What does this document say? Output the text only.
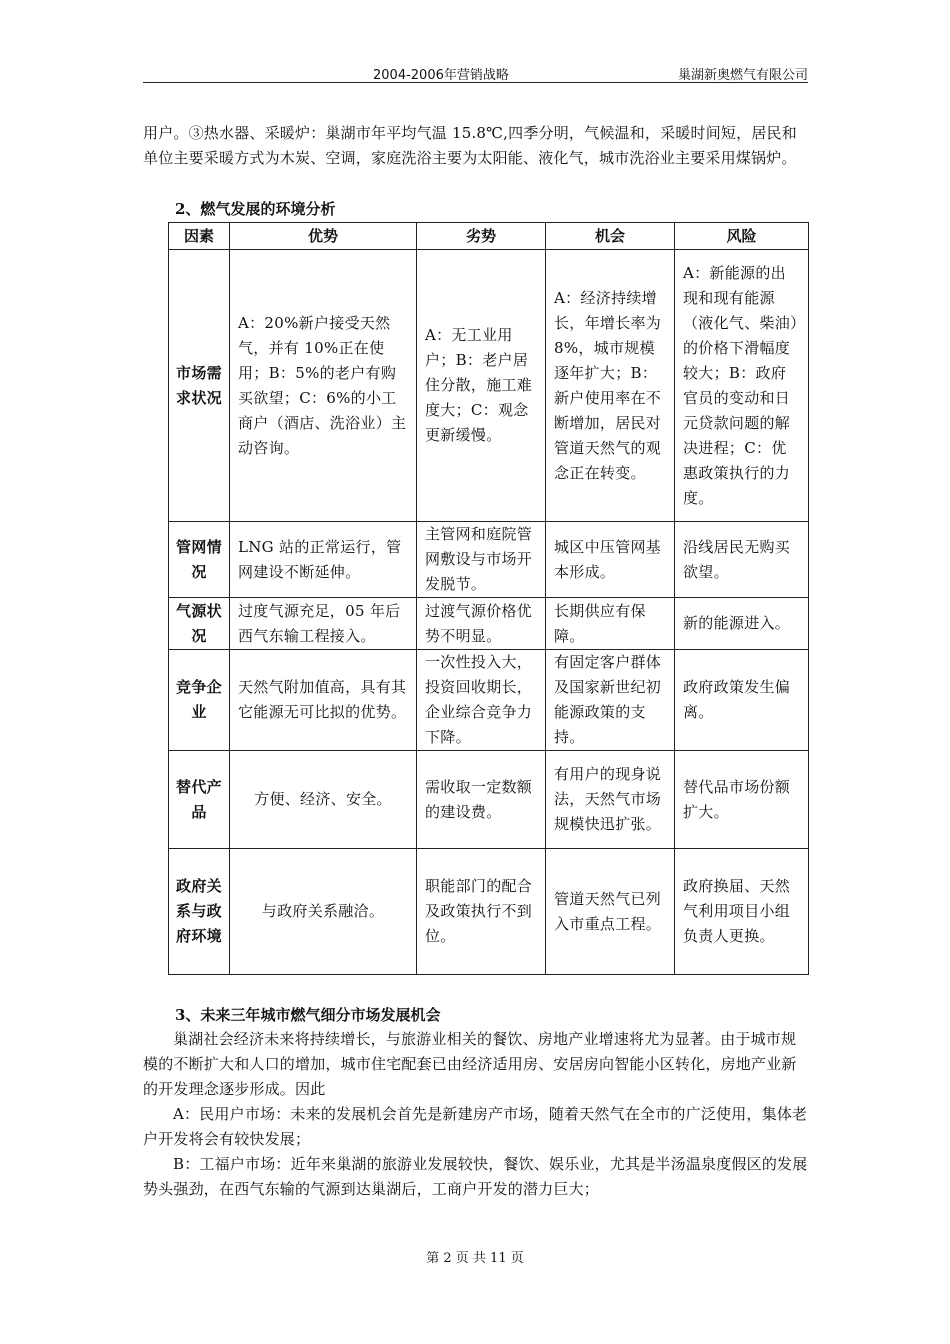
2004-2006年营销战略	巢湖新奥燃气有限公司
用户。③热水器、采暖炉：巢湖市年平均气温 15.8℃,四季分明，气候温和，采暖时间短，居民和单位主要采暖方式为木炭、空调，家庭洗浴主要为太阳能、液化气，城市洗浴业主要采用煤锅炉。
2、燃气发展的环境分析
因素	优势	劣势	机会	风险
市场需求状况	A：20%新户接受天然气，并有 10%正在使用；B：5%的老户有购买欲望；C：6%的小工商户（酒店、洗浴业）主动咨询。	A：无工业用户；B：老户居住分散，施工难度大；C：观念更新缓慢。	A：经济持续增长，年增长率为 8%，城市规模逐年扩大；B：新户使用率在不断增加，居民对管道天然气的观念正在转变。	A：新能源的出现和现有能源（液化气、柴油）的价格下滑幅度较大；B：政府官员的变动和日元贷款问题的解决进程；C：优惠政策执行的力度。
管网情况	LNG 站的正常运行，管网建设不断延伸。	主管网和庭院管网敷设与市场开发脱节。	城区中压管网基本形成。	沿线居民无购买欲望。
气源状况	过度气源充足，05 年后西气东输工程接入。	过渡气源价格优势不明显。	长期供应有保障。	新的能源进入。
竞争企业	天然气附加值高，具有其它能源无可比拟的优势。	一次性投入大，投资回收期长，企业综合竞争力下降。	有固定客户群体及国家新世纪初能源政策的支持。	政府政策发生偏离。
替代产品	方便、经济、安全。	需收取一定数额的建设费。	有用户的现身说法，天然气市场规模快迅扩张。	替代品市场份额扩大。
政府关系与政府环境	与政府关系融洽。	职能部门的配合及政策执行不到位。	管道天然气已列入市重点工程。	政府换届、天然气利用项目小组负责人更换。
3、未来三年城市燃气细分市场发展机会
巢湖社会经济未来将持续增长，与旅游业相关的餐饮、房地产业增速将尤为显著。由于城市规模的不断扩大和人口的增加，城市住宅配套已由经济适用房、安居房向智能小区转化，房地产业新的开发理念逐步形成。因此
A：民用户市场：未来的发展机会首先是新建房产市场，随着天然气在全市的广泛使用，集体老户开发将会有较快发展；
B：工福户市场：近年来巢湖的旅游业发展较快，餐饮、娱乐业，尤其是半汤温泉度假区的发展势头强劲，在西气东输的气源到达巢湖后，工商户开发的潜力巨大；
第 2 页 共 11 页
